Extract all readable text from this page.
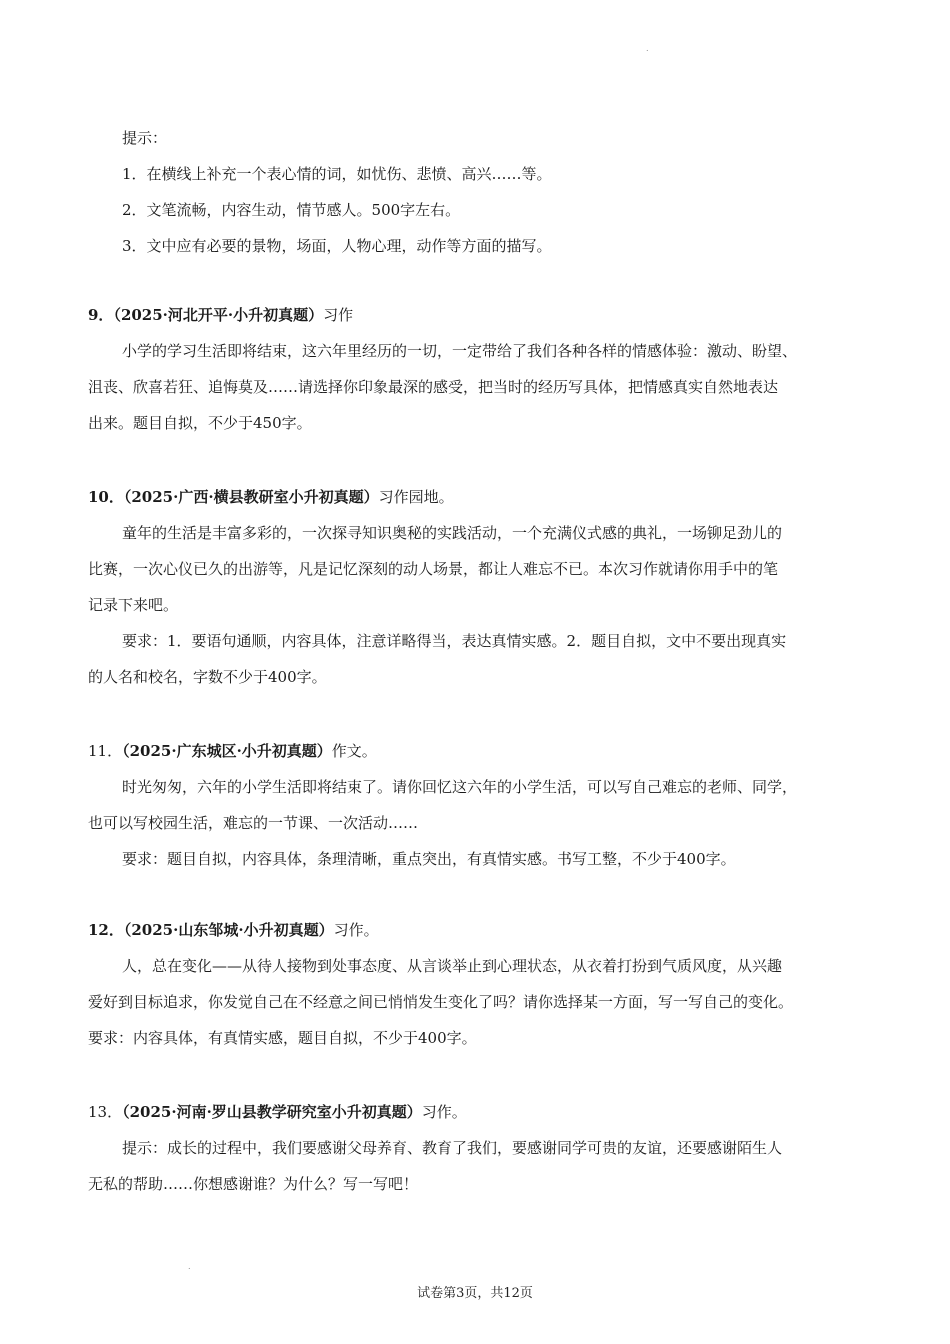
.
提示：
1．在横线上补充一个表心情的词，如忧伤、悲愤、高兴……等。
2．文笔流畅，内容生动，情节感人。500字左右。
3．文中应有必要的景物，场面，人物心理，动作等方面的描写。
9．（2025·河北开平·小升初真题）习作
小学的学习生活即将结束，这六年里经历的一切，一定带给了我们各种各样的情感体验：激动、盼望、
沮丧、欣喜若狂、追悔莫及……请选择你印象最深的感受，把当时的经历写具体，把情感真实自然地表达
出来。题目自拟，不少于450字。
10．（2025·广西·横县教研室小升初真题）习作园地。
童年的生活是丰富多彩的，一次探寻知识奥秘的实践活动，一个充满仪式感的典礼，一场铆足劲儿的
比赛，一次心仪已久的出游等，凡是记忆深刻的动人场景，都让人难忘不已。本次习作就请你用手中的笔
记录下来吧。
要求：1．要语句通顺，内容具体，注意详略得当，表达真情实感。2．题目自拟，文中不要出现真实
的人名和校名，字数不少于400字。
11．（2025·广东城区·小升初真题）作文。
时光匆匆，六年的小学生活即将结束了。请你回忆这六年的小学生活，可以写自己难忘的老师、同学，
也可以写校园生活，难忘的一节课、一次活动……
要求：题目自拟，内容具体，条理清晰，重点突出，有真情实感。书写工整，不少于400字。
12．（2025·山东邹城·小升初真题）习作。
人，总在变化——从待人接物到处事态度、从言谈举止到心理状态，从衣着打扮到气质风度，从兴趣
爱好到目标追求，你发觉自己在不经意之间已悄悄发生变化了吗？请你选择某一方面，写一写自己的变化。
要求：内容具体，有真情实感，题目自拟，不少于400字。
13．（2025·河南·罗山县教学研究室小升初真题）习作。
提示：成长的过程中，我们要感谢父母养育、教育了我们，要感谢同学可贵的友谊，还要感谢陌生人
无私的帮助……你想感谢谁？为什么？写一写吧！
.
试卷第3页，共12页
